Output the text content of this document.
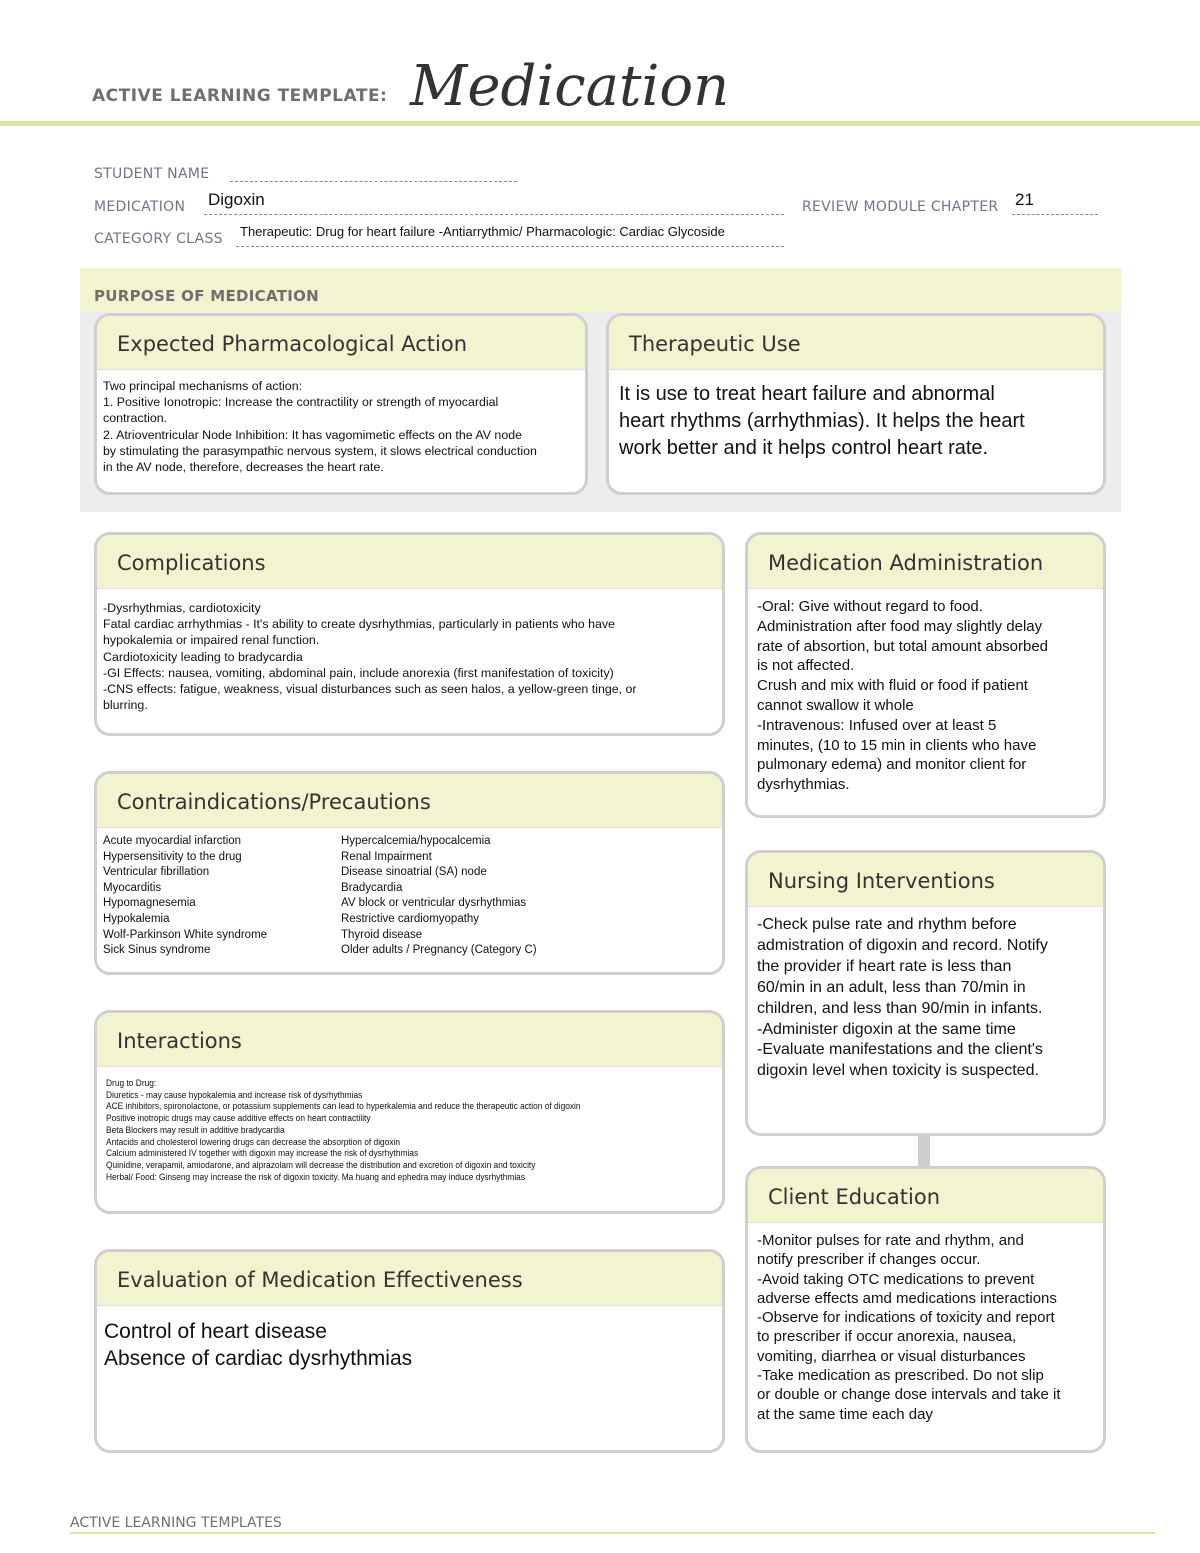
ACTIVE LEARNING TEMPLATE: Medication
STUDENT NAME
MEDICATION Digoxin	REVIEW MODULE CHAPTER 21
CATEGORY CLASS Therapeutic: Drug for heart failure -Antiarrythmic/ Pharmacologic: Cardiac Glycoside
PURPOSE OF MEDICATION
Expected Pharmacological Action
Two principal mechanisms of action:
1. Positive Ionotropic: Increase the contractility or strength of myocardial
contraction.
2. Atrioventricular Node Inhibition: It has vagomimetic effects on the AV node
by stimulating the parasympathic nervous system, it slows electrical conduction
in the AV node, therefore, decreases the heart rate.
Therapeutic Use
It is use to treat heart failure and abnormal
heart rhythms (arrhythmias). It helps the heart
work better and it helps control heart rate.
Complications
-Dysrhythmias, cardiotoxicity
Fatal cardiac arrhythmias - It's ability to create dysrhythmias, particularly in patients who have
hypokalemia or impaired renal function.
Cardiotoxicity leading to bradycardia
-GI Effects: nausea, vomiting, abdominal pain, include anorexia (first manifestation of toxicity)
-CNS effects: fatigue, weakness, visual disturbances such as seen halos, a yellow-green tinge, or
blurring.
Medication Administration
-Oral: Give without regard to food.
Administration after food may slightly delay
rate of absortion, but total amount absorbed
is not affected.
Crush and mix with fluid or food if patient
cannot swallow it whole
-Intravenous: Infused over at least 5
minutes, (10 to 15 min in clients who have
pulmonary edema) and monitor client for
dysrhythmias.
Contraindications/Precautions
Acute myocardial infarction
Hypersensitivity to the drug
Ventricular fibrillation
Myocarditis
Hypomagnesemia
Hypokalemia
Wolf-Parkinson White syndrome
Sick Sinus syndrome
Hypercalcemia/hypocalcemia
Renal Impairment
Disease sinoatrial (SA) node
Bradycardia
AV block or ventricular dysrhythmias
Restrictive cardiomyopathy
Thyroid disease
Older adults / Pregnancy (Category C)
Nursing Interventions
-Check pulse rate and rhythm before
admistration of digoxin and record. Notify
the provider if heart rate is less than
60/min in an adult, less than 70/min in
children, and less than 90/min in infants.
-Administer digoxin at the same time
-Evaluate manifestations and the client's
digoxin level when toxicity is suspected.
Interactions
Drug to Drug:
Diuretics - may cause hypokalemia and increase risk of dysrhythmias
ACE inhibitors, spironolactone, or potassium supplements can lead to hyperkalemia and reduce the therapeutic action of digoxin
Positive inotropic drugs may cause additive effects on heart contractility
Beta Blockers may result in additive bradycardia
Antacids and cholesterol lowering drugs can decrease the absorption of digoxin
Calcium administered IV together with digoxin may increase the risk of dysrhythmias
Quinidine, verapamil, amiodarone, and alprazolam will decrease the distribution and excretion of digoxin and toxicity
Herbal/ Food: Ginseng may increase the risk of digoxin toxicity. Ma huang and ephedra may induce dysrhythmias
Client Education
-Monitor pulses for rate and rhythm, and
notify prescriber if changes occur.
-Avoid taking OTC medications to prevent
adverse effects amd medications interactions
-Observe for indications of toxicity and report
to prescriber if occur anorexia, nausea,
vomiting, diarrhea or visual disturbances
-Take medication as prescribed. Do not slip
or double or change dose intervals and take it
at the same time each day
Evaluation of Medication Effectiveness
Control of heart disease
Absence of cardiac dysrhythmias
ACTIVE LEARNING TEMPLATES
